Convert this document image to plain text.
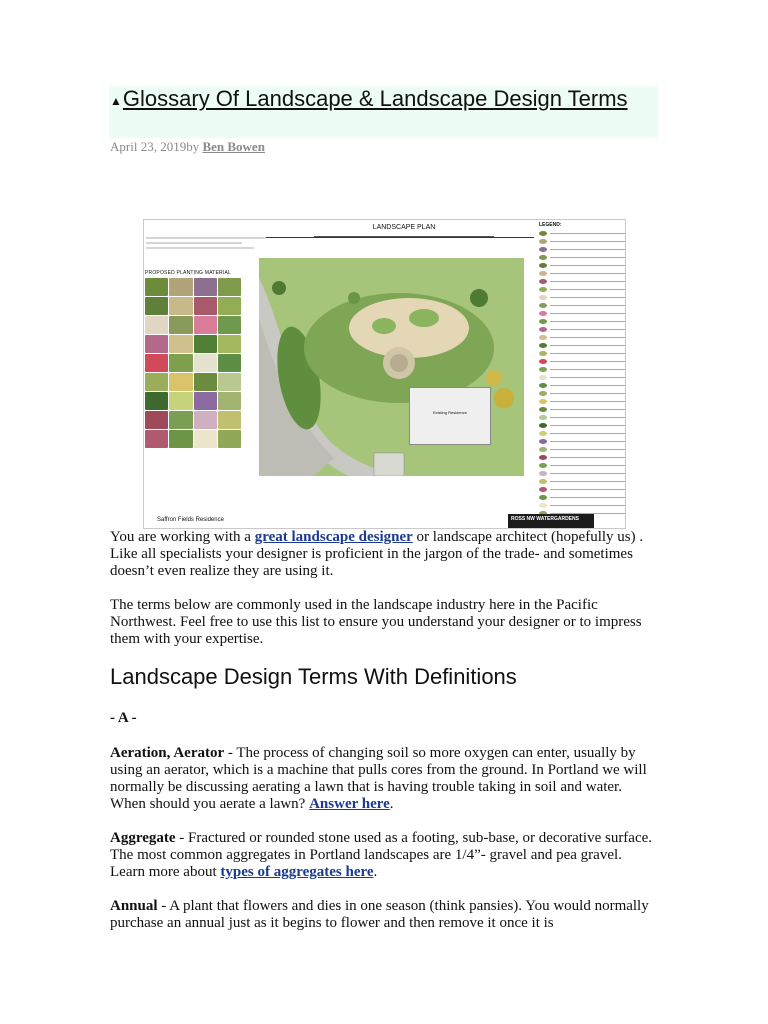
▲Glossary Of Landscape & Landscape Design Terms
April 23, 2019by Ben Bowen
LANDSCAPE PLAN
PROPOSED PLANTING MATERIAL
Existing Residence
LEGEND:
Saffron Fields Residence	ROSS NW WATERGARDENS

You are working with a great landscape designer or landscape architect (hopefully us) . Like all specialists your designer is proficient in the jargon of the trade- and sometimes doesn’t even realize they are using it.

The terms below are commonly used in the landscape industry here in the Pacific Northwest. Feel free to use this list to ensure you understand your designer or to impress them with your expertise.

Landscape Design Terms With Definitions
- A -

Aeration, Aerator - The process of changing soil so more oxygen can enter, usually by using an aerator, which is a machine that pulls cores from the ground. In Portland we will normally be discussing aerating a lawn that is having trouble taking in soil and water. When should you aerate a lawn? Answer here.

Aggregate - Fractured or rounded stone used as a footing, sub-base, or decorative surface. The most common aggregates in Portland landscapes are 1/4”- gravel and pea gravel. Learn more about types of aggregates here.

Annual - A plant that flowers and dies in one season (think pansies). You would normally purchase an annual just as it begins to flower and then remove it once it is
